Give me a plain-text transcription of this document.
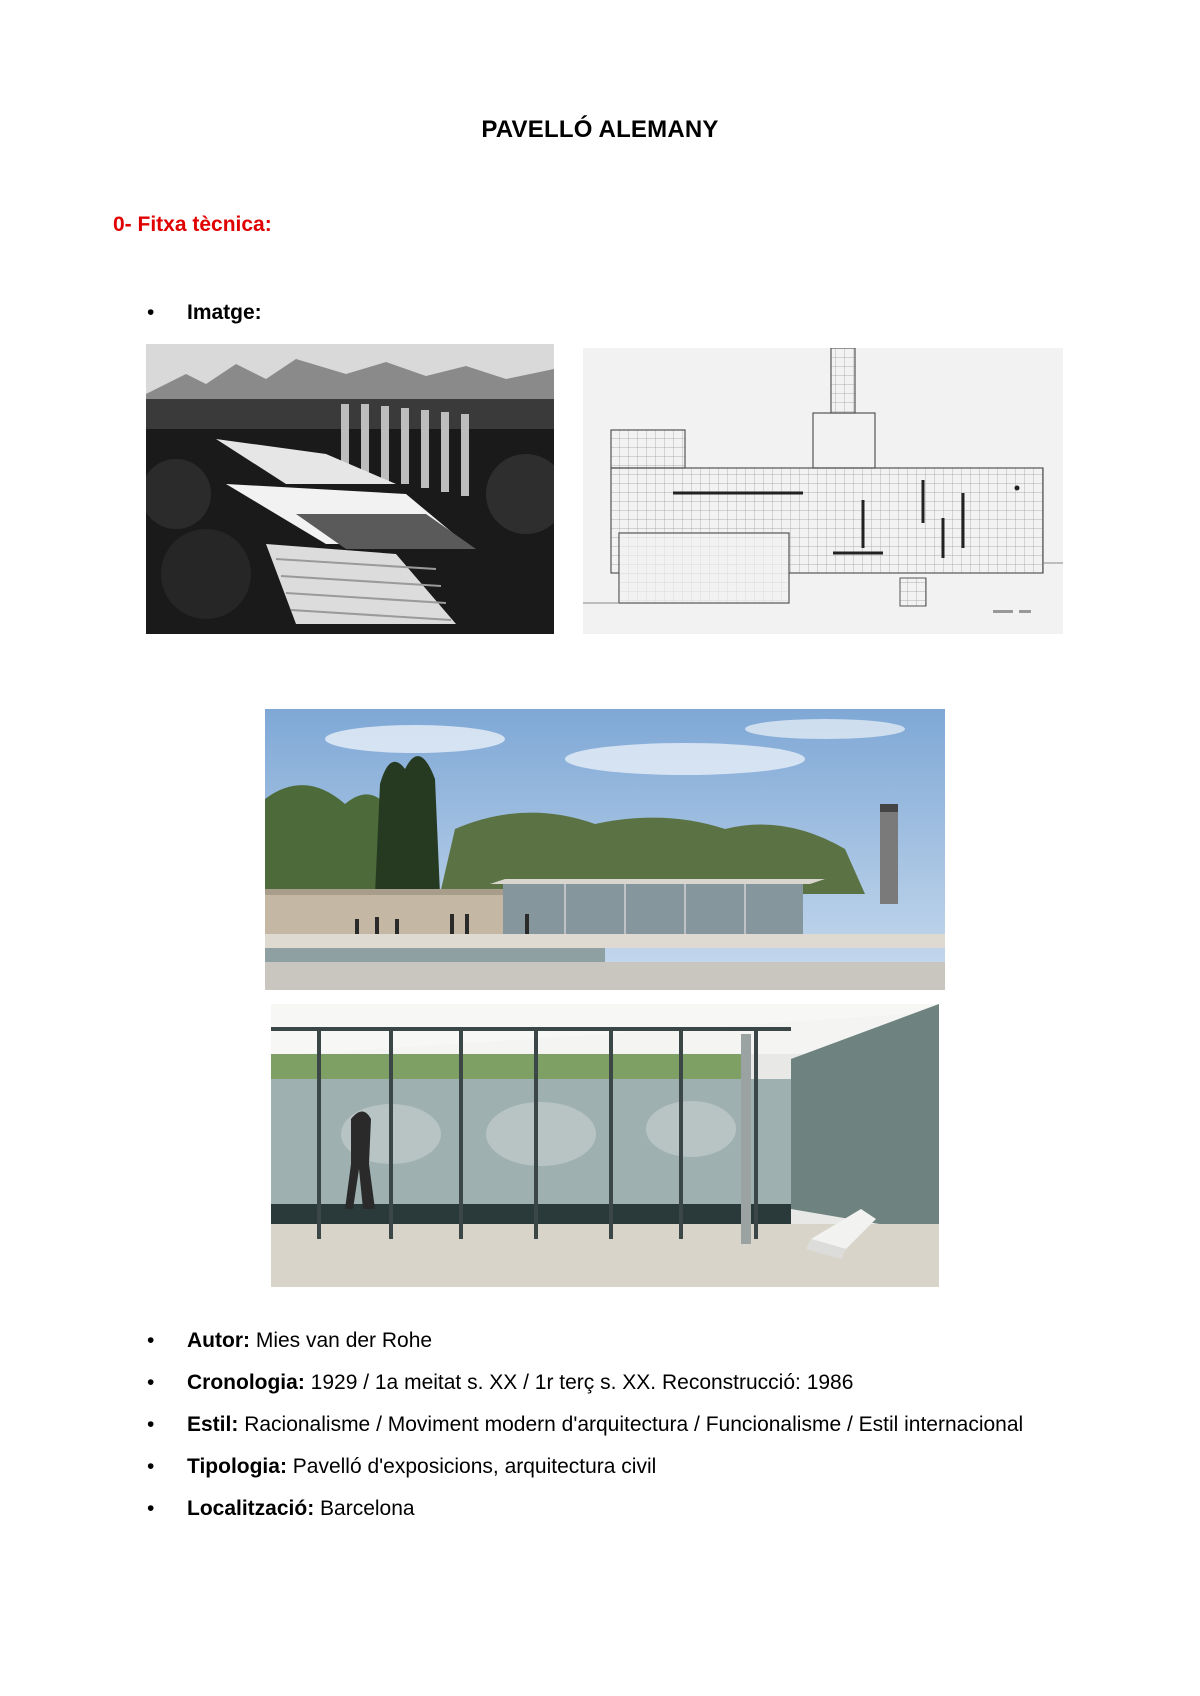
PAVELLÓ ALEMANY
0- Fitxa tècnica:
• Imatge:
• Autor: Mies van der Rohe
• Cronologia: 1929 / 1a meitat s. XX / 1r terç s. XX. Reconstrucció: 1986
• Estil: Racionalisme / Moviment modern d'arquitectura / Funcionalisme / Estil internacional
• Tipologia: Pavelló d'exposicions, arquitectura civil
• Localització: Barcelona
